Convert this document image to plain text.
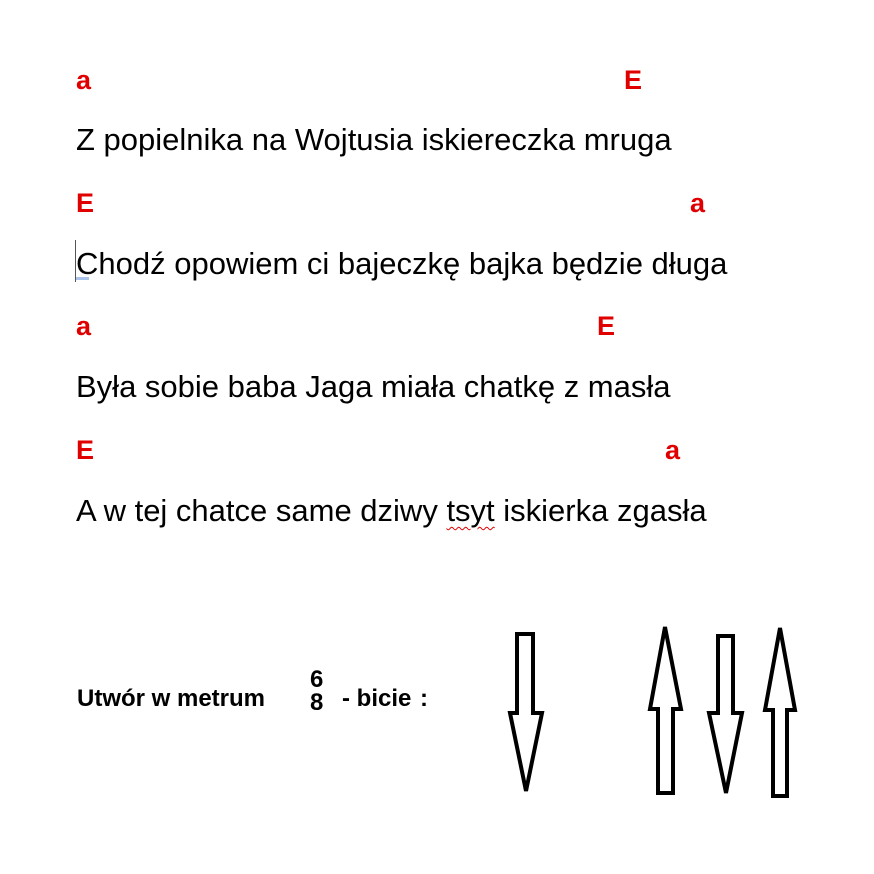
a	E
Z popielnika na Wojtusia iskiereczka mruga
E	a
Chodź opowiem ci bajeczkę bajka będzie długa
a	E
Była sobie baba Jaga miała chatkę z masła
E	a
A w tej chatce same dziwy tsyt iskierka zgasła
Utwór w metrum	- bicie :
6
8
